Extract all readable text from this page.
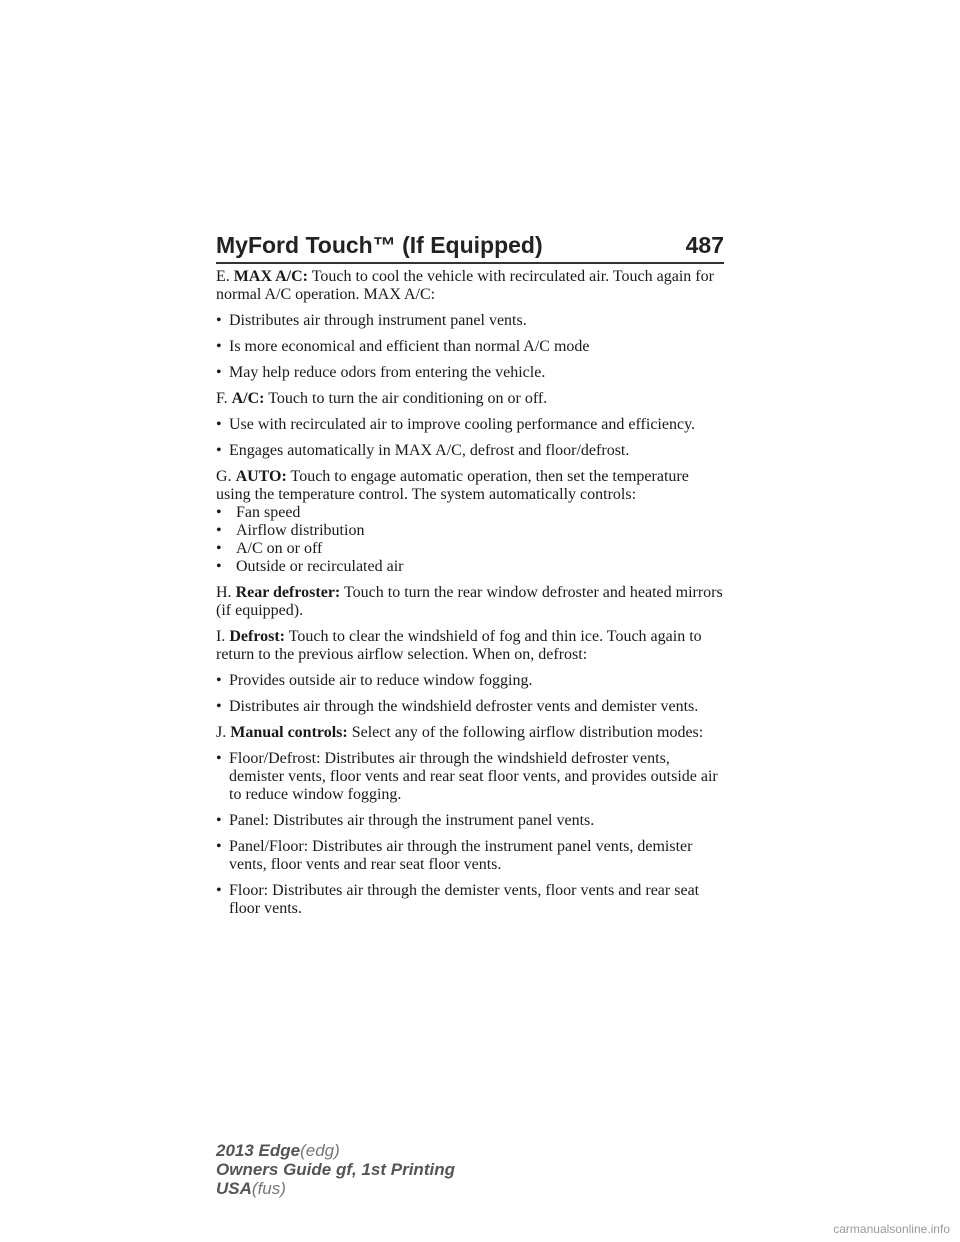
MyFord Touch™ (If Equipped)	487
E. MAX A/C: Touch to cool the vehicle with recirculated air. Touch again for normal A/C operation. MAX A/C:
• Distributes air through instrument panel vents.
• Is more economical and efficient than normal A/C mode
• May help reduce odors from entering the vehicle.
F. A/C: Touch to turn the air conditioning on or off.
• Use with recirculated air to improve cooling performance and efficiency.
• Engages automatically in MAX A/C, defrost and floor/defrost.
G. AUTO: Touch to engage automatic operation, then set the temperature using the temperature control. The system automatically controls:
• Fan speed
• Airflow distribution
• A/C on or off
• Outside or recirculated air
H. Rear defroster: Touch to turn the rear window defroster and heated mirrors (if equipped).
I. Defrost: Touch to clear the windshield of fog and thin ice. Touch again to return to the previous airflow selection. When on, defrost:
• Provides outside air to reduce window fogging.
• Distributes air through the windshield defroster vents and demister vents.
J. Manual controls: Select any of the following airflow distribution modes:
• Floor/Defrost: Distributes air through the windshield defroster vents, demister vents, floor vents and rear seat floor vents, and provides outside air to reduce window fogging.
• Panel: Distributes air through the instrument panel vents.
• Panel/Floor: Distributes air through the instrument panel vents, demister vents, floor vents and rear seat floor vents.
• Floor: Distributes air through the demister vents, floor vents and rear seat floor vents.
2013 Edge(edg)
Owners Guide gf, 1st Printing
USA(fus)
carmanualsonline.info
